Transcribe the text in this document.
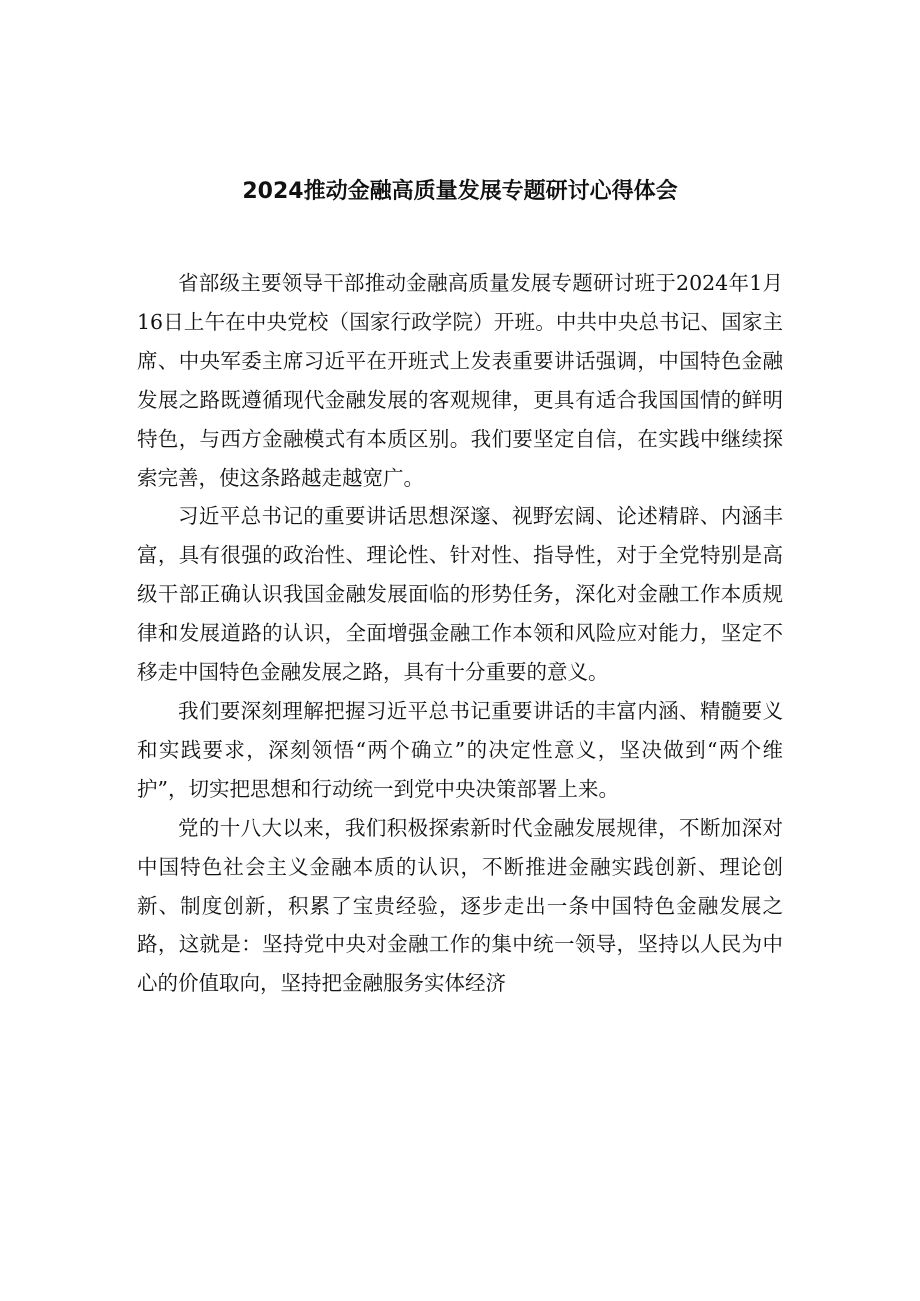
2024推动金融高质量发展专题研讨心得体会

省部级主要领导干部推动金融高质量发展专题研讨班于2024年1月16日上午在中央党校（国家行政学院）开班。中共中央总书记、国家主席、中央军委主席习近平在开班式上发表重要讲话强调，中国特色金融发展之路既遵循现代金融发展的客观规律，更具有适合我国国情的鲜明特色，与西方金融模式有本质区别。我们要坚定自信，在实践中继续探索完善，使这条路越走越宽广。

习近平总书记的重要讲话思想深邃、视野宏阔、论述精辟、内涵丰富，具有很强的政治性、理论性、针对性、指导性，对于全党特别是高级干部正确认识我国金融发展面临的形势任务，深化对金融工作本质规律和发展道路的认识，全面增强金融工作本领和风险应对能力，坚定不移走中国特色金融发展之路，具有十分重要的意义。

我们要深刻理解把握习近平总书记重要讲话的丰富内涵、精髓要义和实践要求，深刻领悟“两个确立”的决定性意义，坚决做到“两个维护”，切实把思想和行动统一到党中央决策部署上来。

党的十八大以来，我们积极探索新时代金融发展规律，不断加深对中国特色社会主义金融本质的认识，不断推进金融实践创新、理论创新、制度创新，积累了宝贵经验，逐步走出一条中国特色金融发展之路，这就是：坚持党中央对金融工作的集中统一领导，坚持以人民为中心的价值取向，坚持把金融服务实体经济
